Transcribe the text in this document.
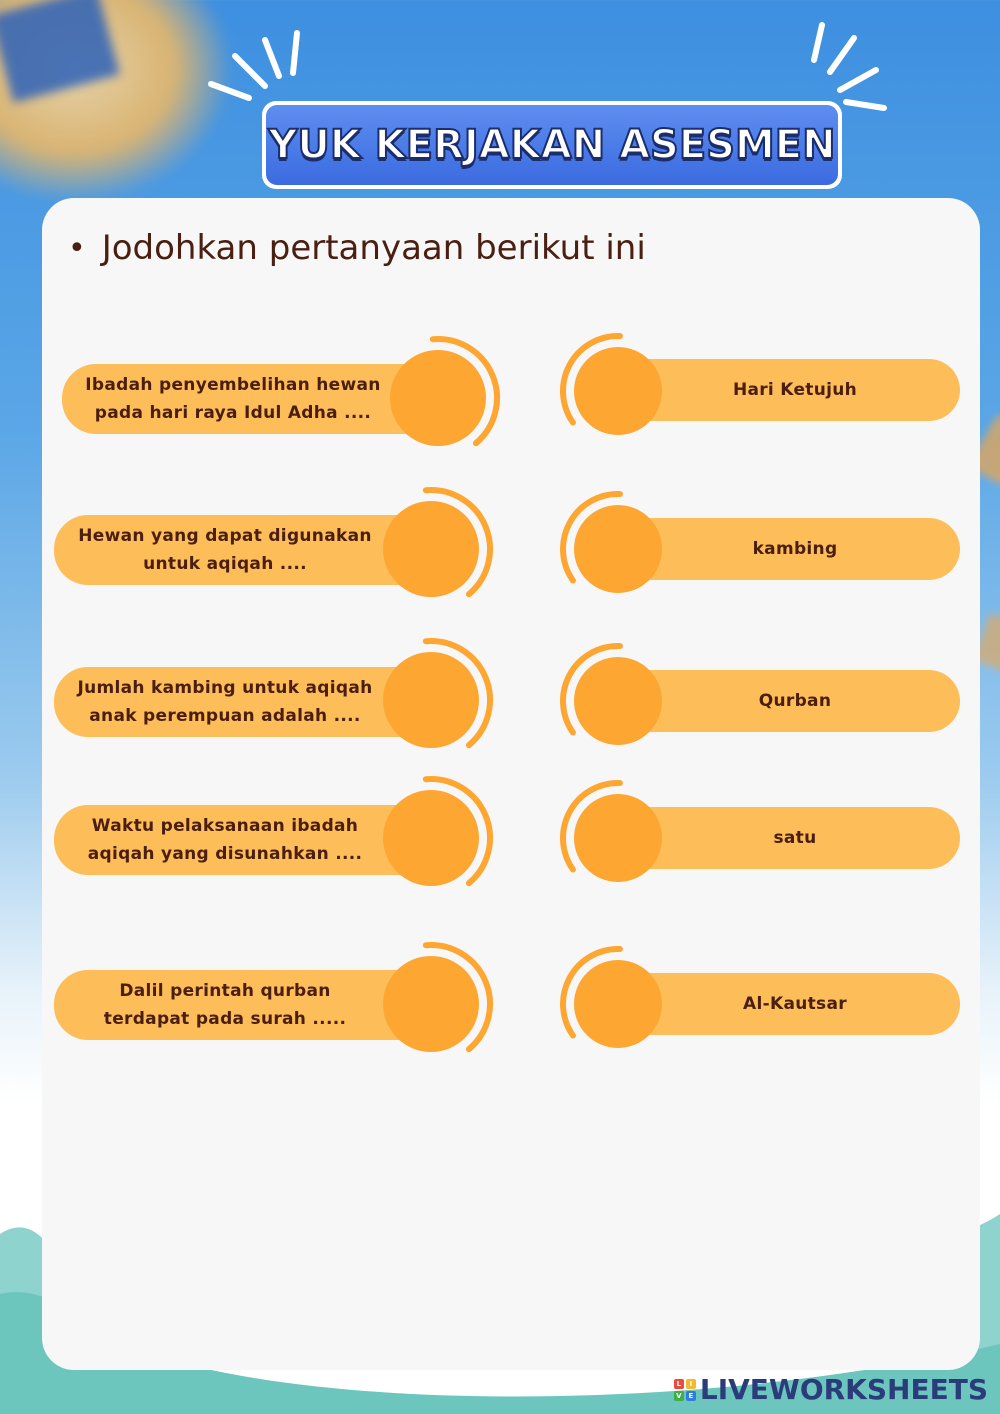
YUK KERJAKAN ASESMEN
• Jodohkan pertanyaan berikut ini
Ibadah penyembelihan hewan
pada hari raya Idul Adha ....
Hewan yang dapat digunakan
untuk aqiqah ....
Jumlah kambing untuk aqiqah
anak perempuan adalah ....
Waktu pelaksanaan ibadah
aqiqah yang disunahkan ....
Dalil perintah qurban
terdapat pada surah .....
Hari Ketujuh
kambing
Qurban
satu
Al-Kautsar
L	I
V E LIVEWORKSHEETS
